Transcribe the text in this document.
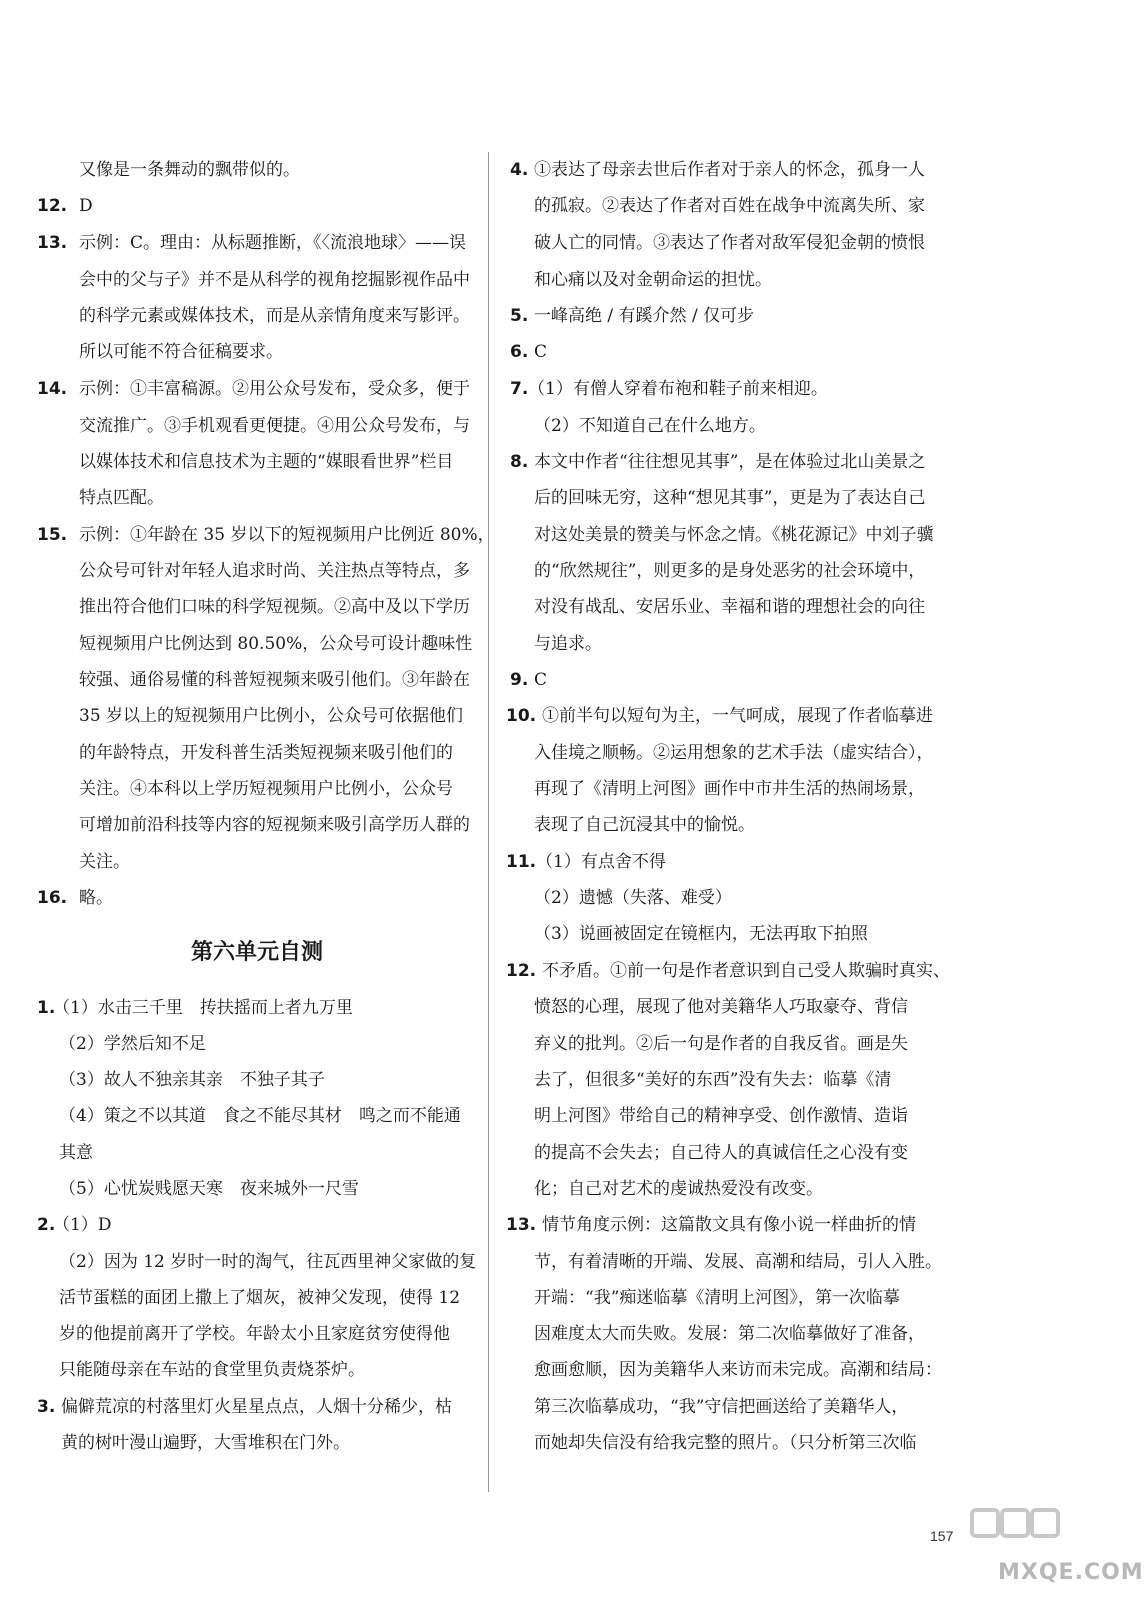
又像是一条舞动的飘带似的。
12. D
13. 示例：C。理由：从标题推断，《〈流浪地球〉——误
会中的父与子》并不是从科学的视角挖掘影视作品中
的科学元素或媒体技术，而是从亲情角度来写影评。
所以可能不符合征稿要求。
14. 示例：①丰富稿源。②用公众号发布，受众多，便于
交流推广。③手机观看更便捷。④用公众号发布，与
以媒体技术和信息技术为主题的“媒眼看世界”栏目
特点匹配。
15. 示例：①年龄在 35 岁以下的短视频用户比例近 80%，
公众号可针对年轻人追求时尚、关注热点等特点，多
推出符合他们口味的科学短视频。②高中及以下学历
短视频用户比例达到 80.50%，公众号可设计趣味性
较强、通俗易懂的科普短视频来吸引他们。③年龄在
35 岁以上的短视频用户比例小，公众号可依据他们
的年龄特点，开发科普生活类短视频来吸引他们的
关注。④本科以上学历短视频用户比例小，公众号
可增加前沿科技等内容的短视频来吸引高学历人群的
关注。
16. 略。
第六单元自测
1.
（1）水击三千里　抟扶摇而上者九万里
（2）学然后知不足
（3）故人不独亲其亲　不独子其子
（4）策之不以其道　食之不能尽其材　鸣之而不能通
其意
（5）心忧炭贱愿天寒　夜来城外一尺雪
2.
（1）D
（2）因为 12 岁时一时的淘气，往瓦西里神父家做的复
活节蛋糕的面团上撒上了烟灰，被神父发现，使得 12
岁的他提前离开了学校。年龄太小且家庭贫穷使得他
只能随母亲在车站的食堂里负责烧茶炉。
3. 偏僻荒凉的村落里灯火星星点点，人烟十分稀少，枯
黄的树叶漫山遍野，大雪堆积在门外。
4. ①表达了母亲去世后作者对于亲人的怀念，孤身一人
的孤寂。②表达了作者对百姓在战争中流离失所、家
破人亡的同情。③表达了作者对敌军侵犯金朝的愤恨
和心痛以及对金朝命运的担忧。
5. 一峰高绝 / 有蹊介然 / 仅可步
6. C
7. （1）有僧人穿着布袍和鞋子前来相迎。
（2）不知道自己在什么地方。
8. 本文中作者“往往想见其事”，是在体验过北山美景之
后的回味无穷，这种“想见其事”，更是为了表达自己
对这处美景的赞美与怀念之情。《桃花源记》中刘子骥
的“欣然规往”，则更多的是身处恶劣的社会环境中，
对没有战乱、安居乐业、幸福和谐的理想社会的向往
与追求。
9. C
10. ①前半句以短句为主，一气呵成，展现了作者临摹进
入佳境之顺畅。②运用想象的艺术手法（虚实结合），
再现了《清明上河图》画作中市井生活的热闹场景，
表现了自己沉浸其中的愉悦。
11. （1）有点舍不得
（2）遗憾（失落、难受）
（3）说画被固定在镜框内，无法再取下拍照
12. 不矛盾。①前一句是作者意识到自己受人欺骗时真实、
愤怒的心理，展现了他对美籍华人巧取豪夺、背信
弃义的批判。②后一句是作者的自我反省。画是失
去了，但很多“美好的东西”没有失去：临摹《清
明上河图》带给自己的精神享受、创作激情、造诣
的提高不会失去；自己待人的真诚信任之心没有变
化；自己对艺术的虔诚热爱没有改变。
13. 情节角度示例：这篇散文具有像小说一样曲折的情
节，有着清晰的开端、发展、高潮和结局，引人入胜。
开端：“我”痴迷临摹《清明上河图》，第一次临摹
因难度太大而失败。发展：第二次临摹做好了准备，
愈画愈顺，因为美籍华人来访而未完成。高潮和结局：
第三次临摹成功，“我”守信把画送给了美籍华人，
而她却失信没有给我完整的照片。（只分析第三次临
157
MXQE.COM
